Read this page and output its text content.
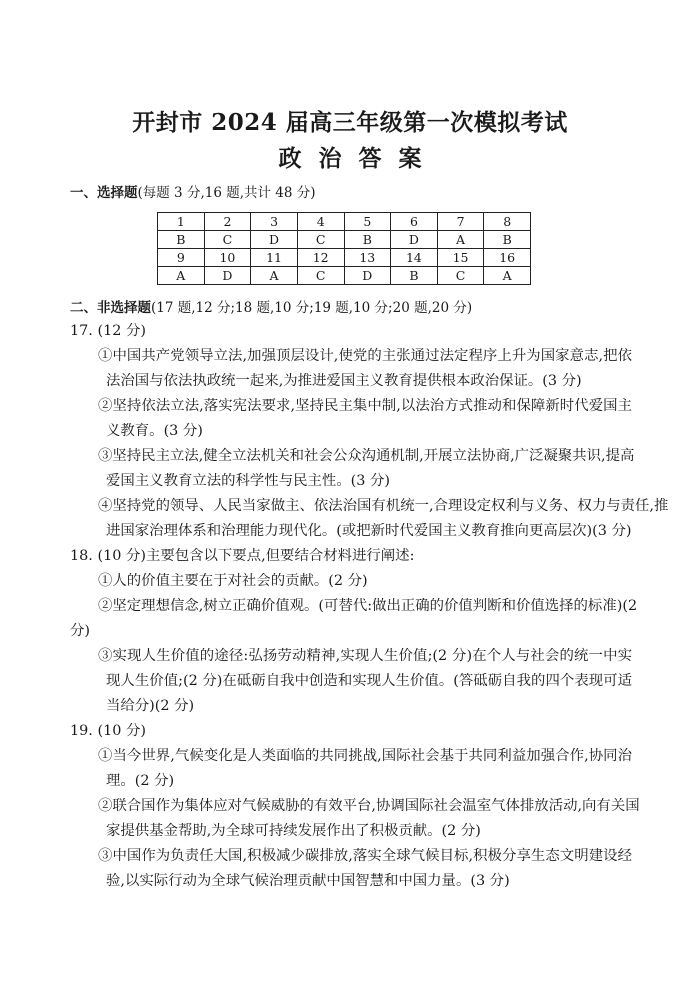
开封市 2024 届高三年级第一次模拟考试
政治答案
一、选择题(每题 3 分,16 题,共计 48 分)
1	2	3	4	5	6	7	8
B	C	D	C	B	D	A	B
9	10	11	12	13	14	15	16
A	D	A	C	D	B	C	A
二、非选择题(17 题,12 分;18 题,10 分;19 题,10 分;20 题,20 分)
17. (12 分)
①中国共产党领导立法,加强顶层设计,使党的主张通过法定程序上升为国家意志,把依
法治国与依法执政统一起来,为推进爱国主义教育提供根本政治保证。(3 分)
②坚持依法立法,落实宪法要求,坚持民主集中制,以法治方式推动和保障新时代爱国主
义教育。(3 分)
③坚持民主立法,健全立法机关和社会公众沟通机制,开展立法协商,广泛凝聚共识,提高
爱国主义教育立法的科学性与民主性。(3 分)
④坚持党的领导、人民当家做主、依法治国有机统一,合理设定权利与义务、权力与责任,推
进国家治理体系和治理能力现代化。(或把新时代爱国主义教育推向更高层次)(3 分)
18. (10 分)主要包含以下要点,但要结合材料进行阐述:
①人的价值主要在于对社会的贡献。(2 分)
②坚定理想信念,树立正确价值观。(可替代:做出正确的价值判断和价值选择的标准)(2
分)
③实现人生价值的途径:弘扬劳动精神,实现人生价值;(2 分)在个人与社会的统一中实
现人生价值;(2 分)在砥砺自我中创造和实现人生价值。(答砥砺自我的四个表现可适
当给分)(2 分)
19. (10 分)
①当今世界,气候变化是人类面临的共同挑战,国际社会基于共同利益加强合作,协同治
理。(2 分)
②联合国作为集体应对气候威胁的有效平台,协调国际社会温室气体排放活动,向有关国
家提供基金帮助,为全球可持续发展作出了积极贡献。(2 分)
③中国作为负责任大国,积极减少碳排放,落实全球气候目标,积极分享生态文明建设经
验,以实际行动为全球气候治理贡献中国智慧和中国力量。(3 分)
